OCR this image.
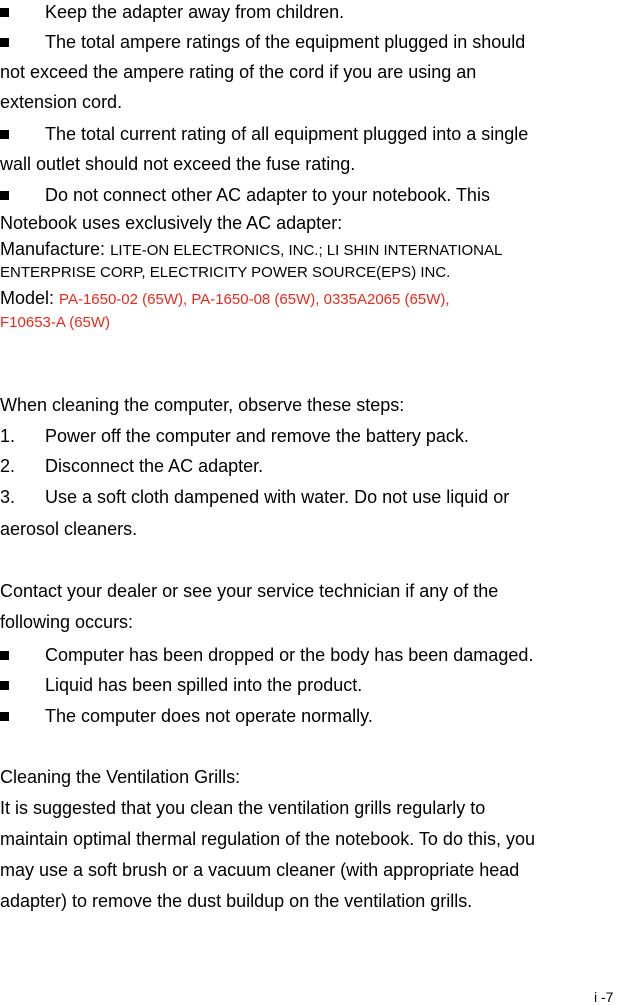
Keep the adapter away from children.
The total ampere ratings of the equipment plugged in should
not exceed the ampere rating of the cord if you are using an
extension cord.
The total current rating of all equipment plugged into a single
wall outlet should not exceed the fuse rating.
Do not connect other AC adapter to your notebook. This
Notebook uses exclusively the AC adapter:
Manufacture: LITE-ON ELECTRONICS, INC.; LI SHIN INTERNATIONAL
ENTERPRISE CORP, ELECTRICITY POWER SOURCE(EPS) INC.
Model: PA-1650-02 (65W), PA-1650-08 (65W), 0335A2065 (65W),
F10653-A (65W)
When cleaning the computer, observe these steps:
1. Power off the computer and remove the battery pack.
2. Disconnect the AC adapter.
3. Use a soft cloth dampened with water. Do not use liquid or
aerosol cleaners.
Contact your dealer or see your service technician if any of the
following occurs:
Computer has been dropped or the body has been damaged.
Liquid has been spilled into the product.
The computer does not operate normally.
Cleaning the Ventilation Grills:
It is suggested that you clean the ventilation grills regularly to
maintain optimal thermal regulation of the notebook. To do this, you
may use a soft brush or a vacuum cleaner (with appropriate head
adapter) to remove the dust buildup on the ventilation grills.
i -7
